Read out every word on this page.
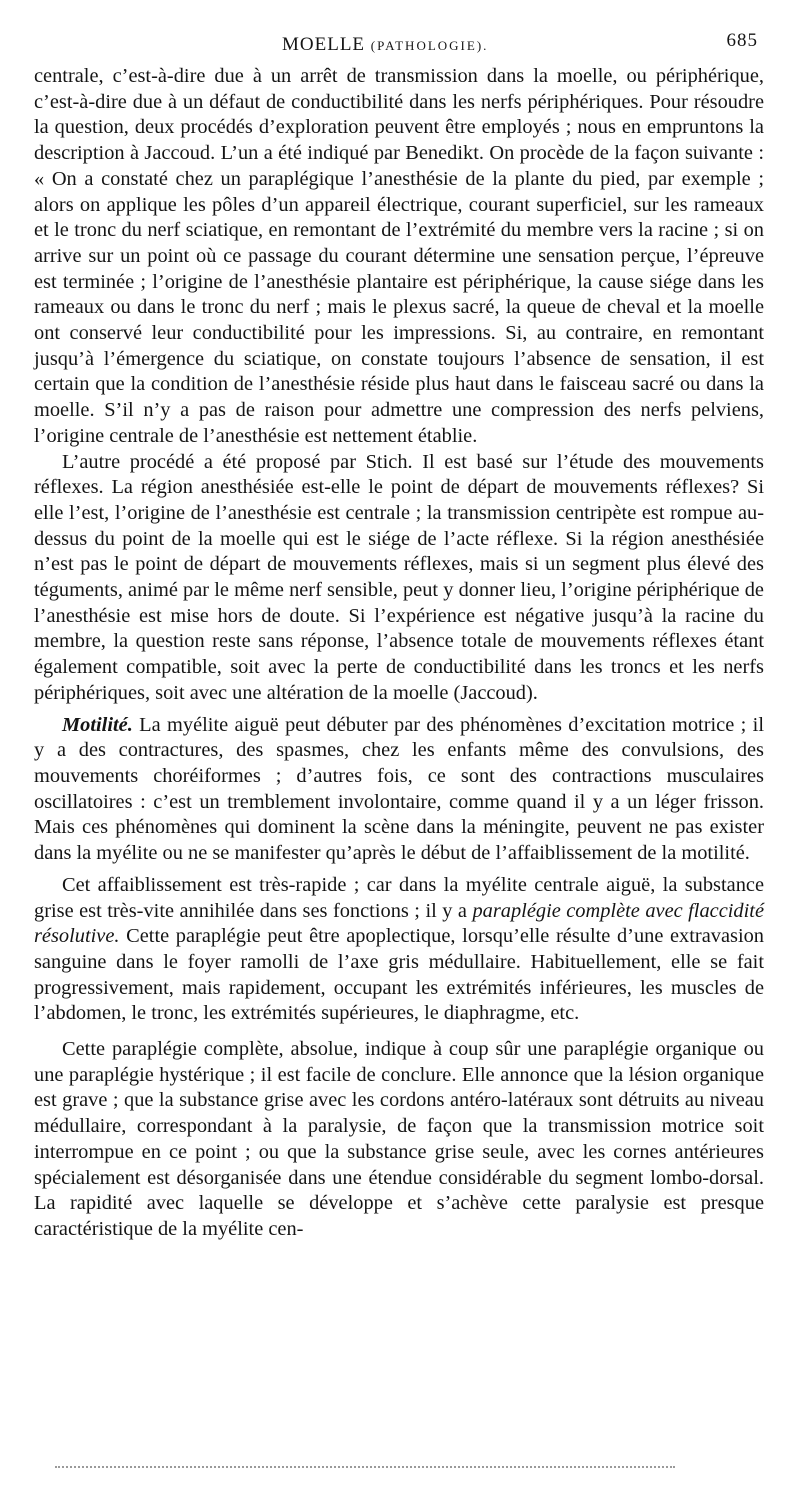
MOELLE (PATHOLOGIE).	685

centrale, c’est-à-dire due à un arrêt de transmission dans la moelle, ou périphérique, c’est-à-dire due à un défaut de conductibilité dans les nerfs périphériques. Pour résoudre la question, deux procédés d’exploration peuvent être employés ; nous en empruntons la description à Jaccoud. L’un a été indiqué par Benedikt. On procède de la façon suivante : « On a constaté chez un paraplégique l’anesthésie de la plante du pied, par exemple ; alors on applique les pôles d’un appareil électrique, courant superficiel, sur les rameaux et le tronc du nerf sciatique, en remontant de l’extrémité du membre vers la racine ; si on arrive sur un point où ce passage du courant détermine une sensation perçue, l’épreuve est terminée ; l’origine de l’anesthésie plantaire est périphérique, la cause siége dans les rameaux ou dans le tronc du nerf ; mais le plexus sacré, la queue de cheval et la moelle ont conservé leur conductibilité pour les impressions. Si, au contraire, en remontant jusqu’à l’émergence du sciatique, on constate toujours l’absence de sensation, il est certain que la condition de l’anesthésie réside plus haut dans le faisceau sacré ou dans la moelle. S’il n’y a pas de raison pour admettre une compression des nerfs pelviens, l’origine centrale de l’anesthésie est nettement établie.

L’autre procédé a été proposé par Stich. Il est basé sur l’étude des mouvements réflexes. La région anesthésiée est-elle le point de départ de mouvements réflexes? Si elle l’est, l’origine de l’anesthésie est centrale ; la transmission centripète est rompue au-dessus du point de la moelle qui est le siége de l’acte réflexe. Si la région anesthésiée n’est pas le point de départ de mouvements réflexes, mais si un segment plus élevé des téguments, animé par le même nerf sensible, peut y donner lieu, l’origine périphérique de l’anesthésie est mise hors de doute. Si l’expérience est négative jusqu’à la racine du membre, la question reste sans réponse, l’absence totale de mouvements réflexes étant également compatible, soit avec la perte de conductibilité dans les troncs et les nerfs périphériques, soit avec une altération de la moelle (Jaccoud).

Motilité. La myélite aiguë peut débuter par des phénomènes d’excitation motrice ; il y a des contractures, des spasmes, chez les enfants même des convulsions, des mouvements choréiformes ; d’autres fois, ce sont des contractions musculaires oscillatoires : c’est un tremblement involontaire, comme quand il y a un léger frisson. Mais ces phénomènes qui dominent la scène dans la méningite, peuvent ne pas exister dans la myélite ou ne se manifester qu’après le début de l’affaiblissement de la motilité.

Cet affaiblissement est très-rapide ; car dans la myélite centrale aiguë, la substance grise est très-vite annihilée dans ses fonctions ; il y a paraplégie complète avec flaccidité résolutive. Cette paraplégie peut être apoplectique, lorsqu’elle résulte d’une extravasion sanguine dans le foyer ramolli de l’axe gris médullaire. Habituellement, elle se fait progressivement, mais rapidement, occupant les extrémités inférieures, les muscles de l’abdomen, le tronc, les extrémités supérieures, le diaphragme, etc.

Cette paraplégie complète, absolue, indique à coup sûr une paraplégie organique ou une paraplégie hystérique ; il est facile de conclure. Elle annonce que la lésion organique est grave ; que la substance grise avec les cordons antéro-latéraux sont détruits au niveau médullaire, correspondant à la paralysie, de façon que la transmission motrice soit interrompue en ce point ; ou que la substance grise seule, avec les cornes antérieures spécialement est désorganisée dans une étendue considérable du segment lombo-dorsal. La rapidité avec laquelle se développe et s’achève cette paralysie est presque caractéristique de la myélite cen-
